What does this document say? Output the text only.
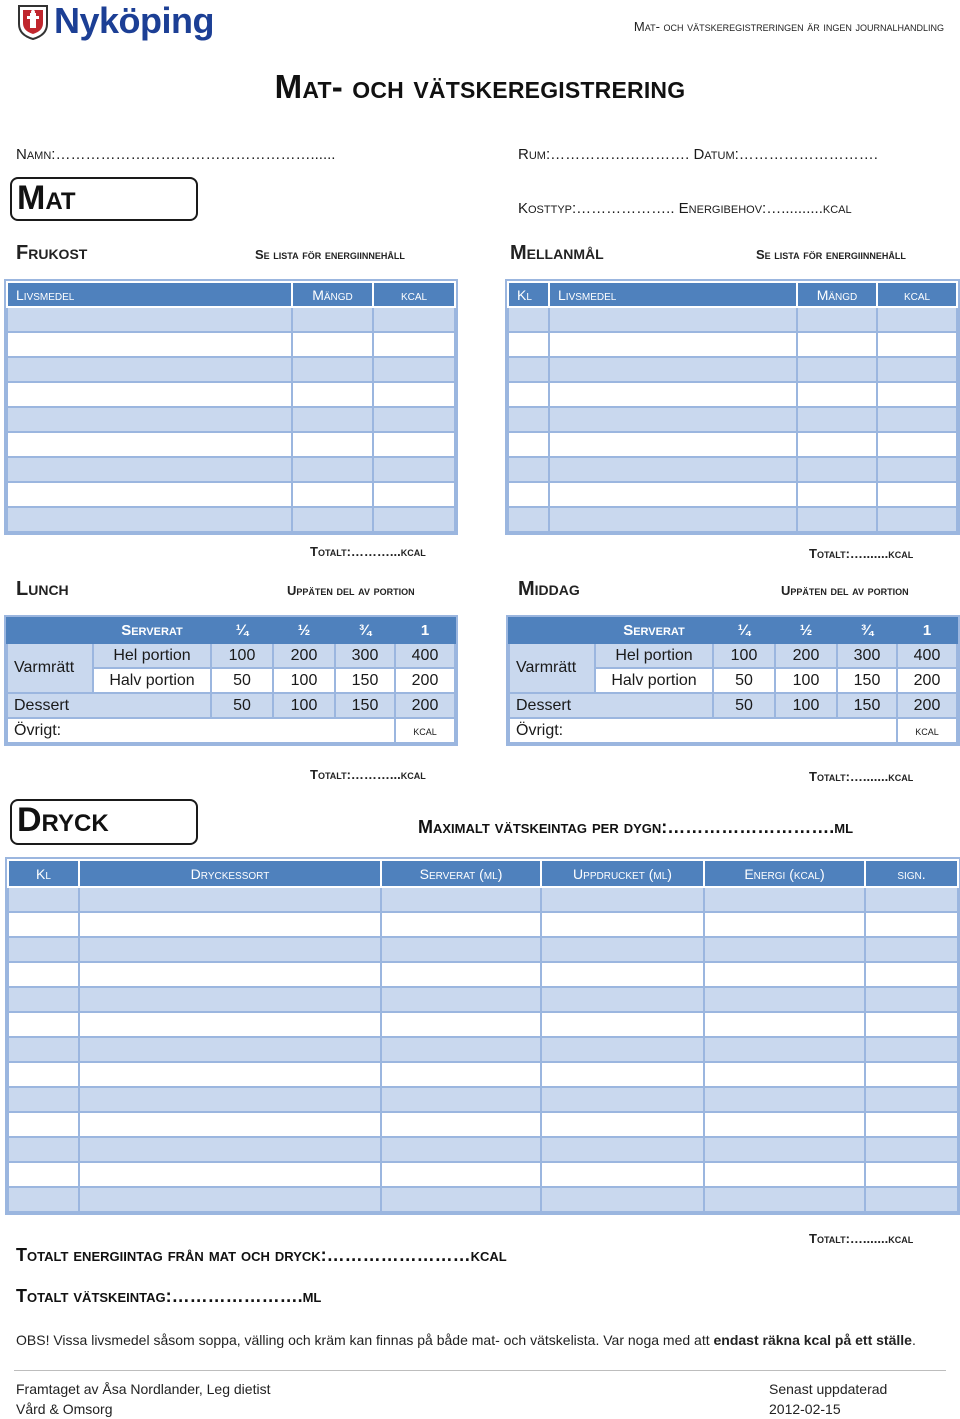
Nyköping	Mat- och vätskeregistreringen är ingen journalhandling
Mat- och vätskeregistrering
Namn:……………………………………………......	Rum:………………………. Datum:……………………….
Mat	Kosttyp:……………….. Energibehov:…..........kcal
Frukost	Se lista för energiinnehåll
Livsmedel	Mängd	kcal

Totalt:………...kcal
Mellanmål	Se lista för energiinnehåll
Kl	Livsmedel	Mängd	kcal

Totalt:….......kcal
Lunch	Uppäten del av portion
	Serverat	¼	½	¾	1
Varmrätt	Hel portion	100	200	300	400
	Halv portion	50	100	150	200
Dessert		50	100	150	200
Övrigt:					kcal
Totalt:………...kcal
Middag	Uppäten del av portion
	Serverat	¼	½	¾	1
Varmrätt	Hel portion	100	200	300	400
	Halv portion	50	100	150	200
Dessert		50	100	150	200
Övrigt:					kcal
Totalt:….......kcal
Dryck	Maximalt vätskeintag per dygn:……………………….ml
Kl	Dryckessort	Serverat (ml)	Uppdrucket (ml)	Energi (kcal)	sign.

Totalt:….......kcal
Totalt energiintag från mat och dryck:……………………kcal
Totalt vätskeintag:………………….ml
OBS! Vissa livsmedel såsom soppa, välling och kräm kan finnas på både mat- och vätskelista. Var noga med att endast räkna kcal på ett ställe.
Framtaget av Åsa Nordlander, Leg dietist
Vård & Omsorg
Senast uppdaterad
2012-02-15
